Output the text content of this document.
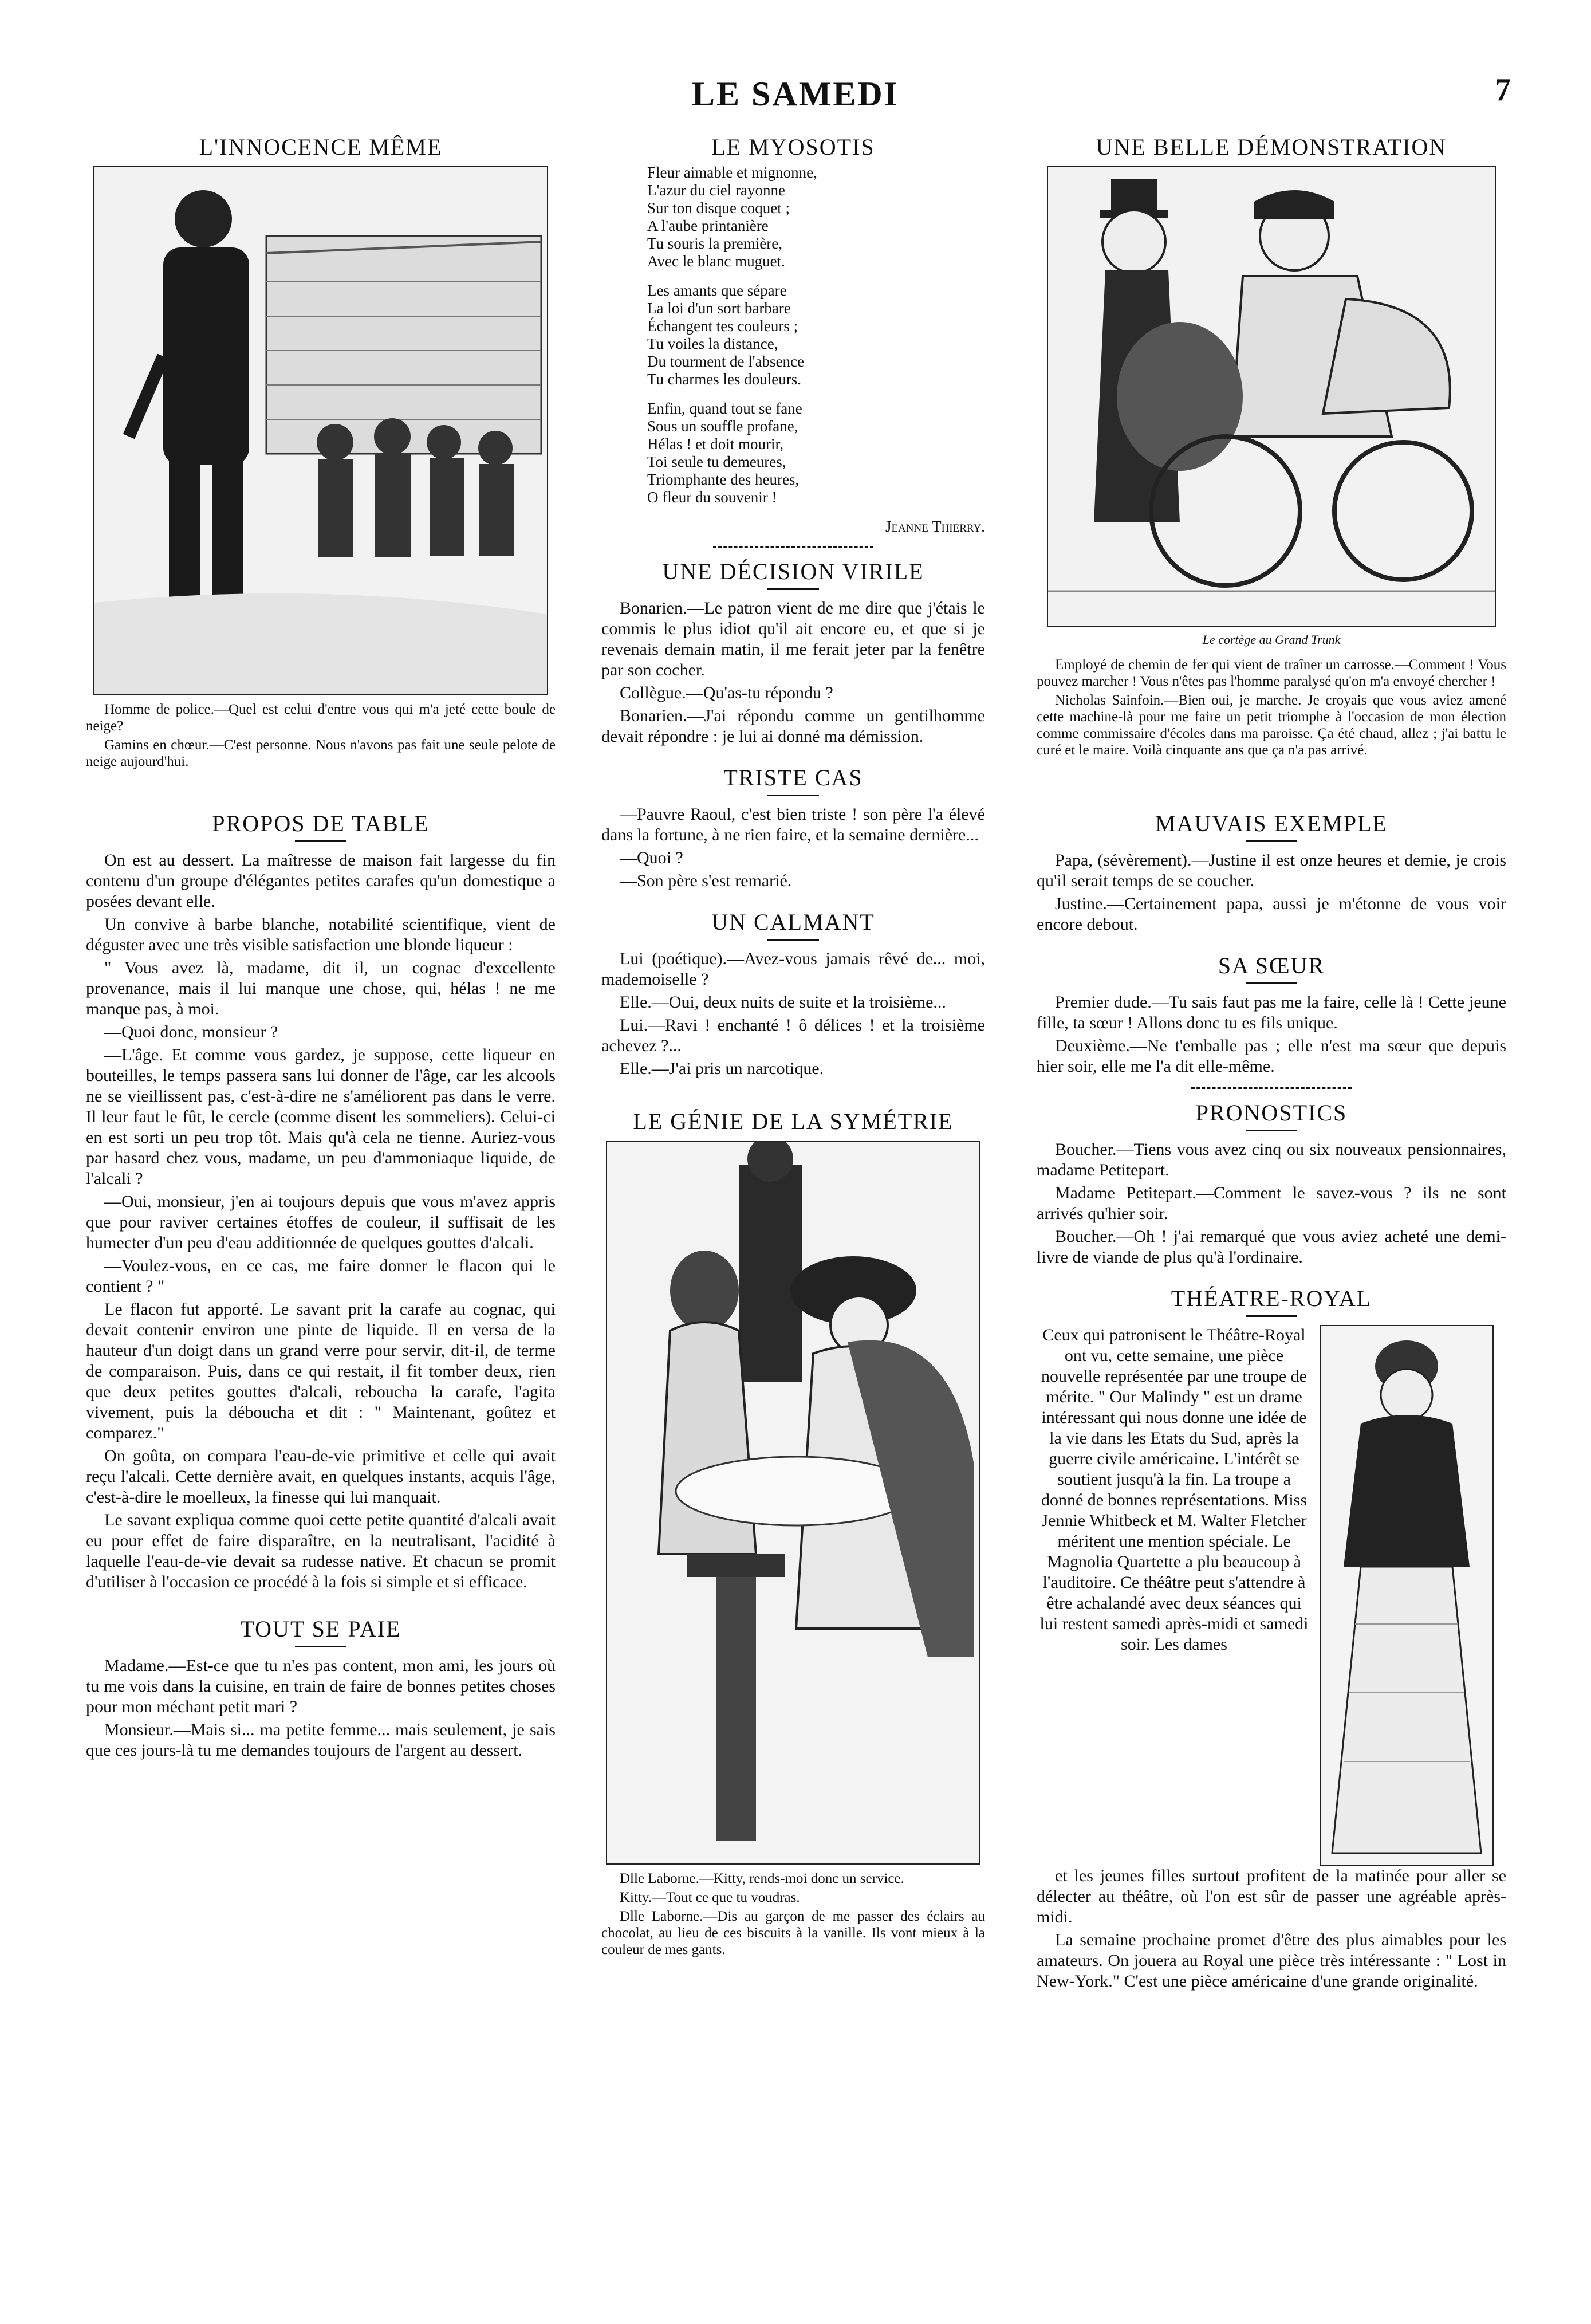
LE SAMEDI	7
L'INNOCENCE MÊME

Homme de police.—Quel est celui d'entre vous qui m'a jeté cette boule de neige?

Gamins en chœur.—C'est personne. Nous n'avons pas fait une seule pelote de neige aujourd'hui.

PROPOS DE TABLE

On est au dessert. La maîtresse de maison fait largesse du fin contenu d'un groupe d'élégantes petites carafes qu'un domestique a posées devant elle.

Un convive à barbe blanche, notabilité scientifique, vient de déguster avec une très visible satisfaction une blonde liqueur :

" Vous avez là, madame, dit il, un cognac d'excellente provenance, mais il lui manque une chose, qui, hélas ! ne me manque pas, à moi.

—Quoi donc, monsieur ?

—L'âge. Et comme vous gardez, je suppose, cette liqueur en bouteilles, le temps passera sans lui donner de l'âge, car les alcools ne se vieillissent pas, c'est-à-dire ne s'améliorent pas dans le verre. Il leur faut le fût, le cercle (comme disent les sommeliers). Celui-ci en est sorti un peu trop tôt. Mais qu'à cela ne tienne. Auriez-vous par hasard chez vous, madame, un peu d'ammoniaque liquide, de l'alcali ?

—Oui, monsieur, j'en ai toujours depuis que vous m'avez appris que pour raviver certaines étoffes de couleur, il suffisait de les humecter d'un peu d'eau additionnée de quelques gouttes d'alcali.

—Voulez-vous, en ce cas, me faire donner le flacon qui le contient ? "

Le flacon fut apporté. Le savant prit la carafe au cognac, qui devait contenir environ une pinte de liquide. Il en versa de la hauteur d'un doigt dans un grand verre pour servir, dit-il, de terme de comparaison. Puis, dans ce qui restait, il fit tomber deux, rien que deux petites gouttes d'alcali, reboucha la carafe, l'agita vivement, puis la déboucha et dit : " Maintenant, goûtez et comparez."

On goûta, on compara l'eau-de-vie primitive et celle qui avait reçu l'alcali. Cette dernière avait, en quelques instants, acquis l'âge, c'est-à-dire le moelleux, la finesse qui lui manquait.

Le savant expliqua comme quoi cette petite quantité d'alcali avait eu pour effet de faire disparaître, en la neutralisant, l'acidité à laquelle l'eau-de-vie devait sa rudesse native. Et chacun se promit d'utiliser à l'occasion ce procédé à la fois si simple et si efficace.

TOUT SE PAIE

Madame.—Est-ce que tu n'es pas content, mon ami, les jours où tu me vois dans la cuisine, en train de faire de bonnes petites choses pour mon méchant petit mari ?

Monsieur.—Mais si... ma petite femme... mais seulement, je sais que ces jours-là tu me demandes toujours de l'argent au dessert.

LE MYOSOTIS

Fleur aimable et mignonne,

L'azur du ciel rayonne

Sur ton disque coquet ;

A l'aube printanière

Tu souris la première,

Avec le blanc muguet.

Les amants que sépare

La loi d'un sort barbare

Échangent tes couleurs ;

Tu voiles la distance,

Du tourment de l'absence

Tu charmes les douleurs.

Enfin, quand tout se fane

Sous un souffle profane,

Hélas ! et doit mourir,

Toi seule tu demeures,

Triomphante des heures,

O fleur du souvenir !

Jeanne Thierry.

UNE DÉCISION VIRILE

Bonarien.—Le patron vient de me dire que j'étais le commis le plus idiot qu'il ait encore eu, et que si je revenais demain matin, il me ferait jeter par la fenêtre par son cocher.

Collègue.—Qu'as-tu répondu ?

Bonarien.—J'ai répondu comme un gentilhomme devait répondre : je lui ai donné ma démission.

TRISTE CAS

—Pauvre Raoul, c'est bien triste ! son père l'a élevé dans la fortune, à ne rien faire, et la semaine dernière...

—Quoi ?

—Son père s'est remarié.

UN CALMANT

Lui (poétique).—Avez-vous jamais rêvé de... moi, mademoiselle ?

Elle.—Oui, deux nuits de suite et la troisième...

Lui.—Ravi ! enchanté ! ô délices ! et la troisième achevez ?...

Elle.—J'ai pris un narcotique.

LE GÉNIE DE LA SYMÉTRIE

Dlle Laborne.—Kitty, rends-moi donc un service.

Kitty.—Tout ce que tu voudras.

Dlle Laborne.—Dis au garçon de me passer des éclairs au chocolat, au lieu de ces biscuits à la vanille. Ils vont mieux à la couleur de mes gants.

UNE BELLE DÉMONSTRATION
Le cortège au Grand Trunk

Employé de chemin de fer qui vient de traîner un carrosse.—Comment ! Vous pouvez marcher ! Vous n'êtes pas l'homme paralysé qu'on m'a envoyé chercher !

Nicholas Sainfoin.—Bien oui, je marche. Je croyais que vous aviez amené cette machine-là pour me faire un petit triomphe à l'occasion de mon élection comme commissaire d'écoles dans ma paroisse. Ça été chaud, allez ; j'ai battu le curé et le maire. Voilà cinquante ans que ça n'a pas arrivé.

MAUVAIS EXEMPLE

Papa, (sévèrement).—Justine il est onze heures et demie, je crois qu'il serait temps de se coucher.

Justine.—Certainement papa, aussi je m'étonne de vous voir encore debout.

SA SŒUR

Premier dude.—Tu sais faut pas me la faire, celle là ! Cette jeune fille, ta sœur ! Allons donc tu es fils unique.

Deuxième.—Ne t'emballe pas ; elle n'est ma sœur que depuis hier soir, elle me l'a dit elle-même.

PRONOSTICS

Boucher.—Tiens vous avez cinq ou six nouveaux pensionnaires, madame Petitepart.

Madame Petitepart.—Comment le savez-vous ? ils ne sont arrivés qu'hier soir.

Boucher.—Oh ! j'ai remarqué que vous aviez acheté une demi-livre de viande de plus qu'à l'ordinaire.

THÉATRE-ROYAL

Ceux qui patronisent le Théâtre-Royal ont vu, cette semaine, une pièce nouvelle représentée par une troupe de mérite. " Our Malindy " est un drame intéressant qui nous donne une idée de la vie dans les Etats du Sud, après la guerre civile américaine. L'intérêt se soutient jusqu'à la fin. La troupe a donné de bonnes représentations. Miss Jennie Whitbeck et M. Walter Fletcher méritent une mention spéciale. Le Magnolia Quartette a plu beaucoup à l'auditoire. Ce théâtre peut s'attendre à être achalandé avec deux séances qui lui restent samedi après-midi et samedi soir. Les dames

et les jeunes filles surtout profitent de la matinée pour aller se délecter au théâtre, où l'on est sûr de passer une agréable après-midi.

La semaine prochaine promet d'être des plus aimables pour les amateurs. On jouera au Royal une pièce très intéressante : " Lost in New-York." C'est une pièce américaine d'une grande originalité.
